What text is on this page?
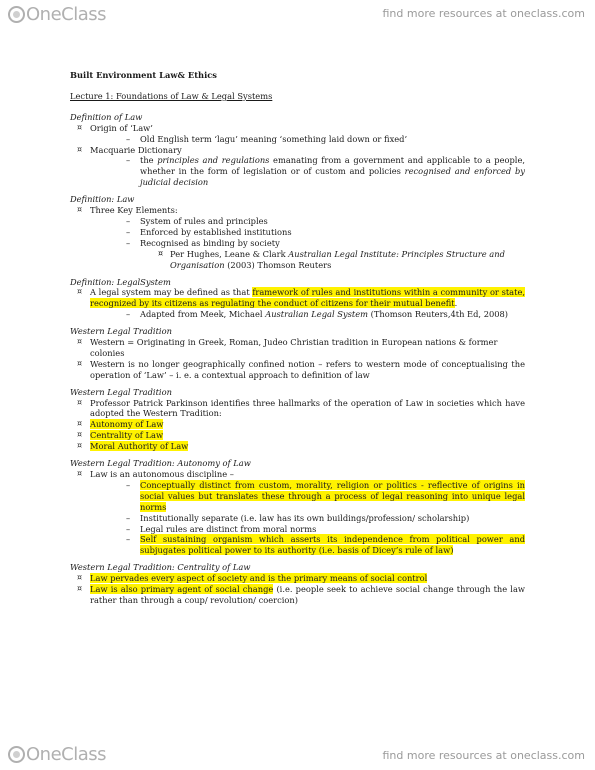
OneClass	find more resources at oneclass.com
Built Environment Law& Ethics
Lecture 1: Foundations of Law & Legal Systems
Definition of Law
¤ Origin of ‘Law’
– Old English term ‘lagu’ meaning ‘something laid down or fixed’
¤ Macquarie Dictionary
– the principles and regulations emanating from a government and applicable to a people, whether in the form of legislation or of custom and policies recognised and enforced by judicial decision
Definition: Law
¤ Three Key Elements:
– System of rules and principles
– Enforced by established institutions
– Recognised as binding by society
¤ Per Hughes, Leane & Clark Australian Legal Institute: Principles Structure and Organisation (2003) Thomson Reuters
Definition: LegalSystem
¤ A legal system may be defined as that framework of rules and institutions within a community or state, recognized by its citizens as regulating the conduct of citizens for their mutual benefit.
– Adapted from Meek, Michael Australian Legal System (Thomson Reuters,4th Ed, 2008)
Western Legal Tradition
¤ Western = Originating in Greek, Roman, Judeo Christian tradition in European nations & former colonies
¤ Western is no longer geographically confined notion – refers to western mode of conceptualising the operation of ‘Law’ – i. e. a contextual approach to definition of law
Western Legal Tradition
¤ Professor Patrick Parkinson identifies three hallmarks of the operation of Law in societies which have adopted the Western Tradition:
¤ Autonomy of Law
¤ Centrality of Law
¤ Moral Authority of Law
Western Legal Tradition: Autonomy of Law
¤ Law is an autonomous discipline –
– Conceptually distinct from custom, morality, religion or politics - reflective of origins in social values but translates these through a process of legal reasoning into unique legal norms
– Institutionally separate (i.e. law has its own buildings/profession/ scholarship)
– Legal rules are distinct from moral norms
– Self sustaining organism which asserts its independence from political power and subjugates political power to its authority (i.e. basis of Dicey’s rule of law)
Western Legal Tradition: Centrality of Law
¤ Law pervades every aspect of society and is the primary means of social control
¤ Law is also primary agent of social change (i.e. people seek to achieve social change through the law rather than through a coup/ revolution/ coercion)
OneClass	find more resources at oneclass.com
